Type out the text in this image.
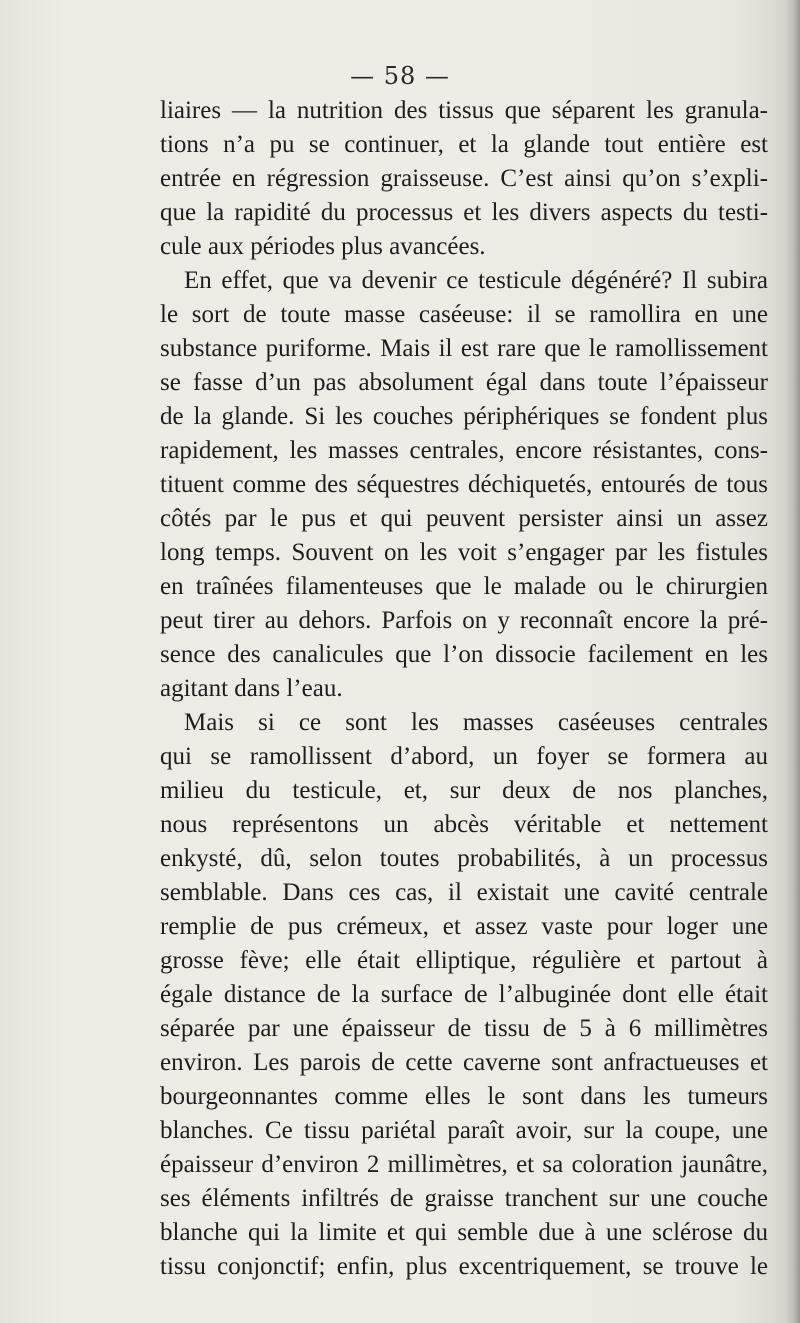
— 58 —
liaires — la nutrition des tissus que séparent les granula-
tions n’a pu se continuer, et la glande tout entière est
entrée en régression graisseuse. C’est ainsi qu’on s’expli-
que la rapidité du processus et les divers aspects du testi-
cule aux périodes plus avancées.
En effet, que va devenir ce testicule dégénéré? Il subira
le sort de toute masse caséeuse: il se ramollira en une
substance puriforme. Mais il est rare que le ramollissement
se fasse d’un pas absolument égal dans toute l’épaisseur
de la glande. Si les couches périphériques se fondent plus
rapidement, les masses centrales, encore résistantes, cons-
tituent comme des séquestres déchiquetés, entourés de tous
côtés par le pus et qui peuvent persister ainsi un assez
long temps. Souvent on les voit s’engager par les fistules
en traînées filamenteuses que le malade ou le chirurgien
peut tirer au dehors. Parfois on y reconnaît encore la pré-
sence des canalicules que l’on dissocie facilement en les
agitant dans l’eau.
Mais si ce sont les masses caséeuses centrales
qui se ramollissent d’abord, un foyer se formera au
milieu du testicule, et, sur deux de nos planches,
nous représentons un abcès véritable et nettement
enkysté, dû, selon toutes probabilités, à un processus
semblable. Dans ces cas, il existait une cavité centrale
remplie de pus crémeux, et assez vaste pour loger une
grosse fève; elle était elliptique, régulière et partout à
égale distance de la surface de l’albuginée dont elle était
séparée par une épaisseur de tissu de 5 à 6 millimètres
environ. Les parois de cette caverne sont anfractueuses et
bourgeonnantes comme elles le sont dans les tumeurs
blanches. Ce tissu pariétal paraît avoir, sur la coupe, une
épaisseur d’environ 2 millimètres, et sa coloration jaunâtre,
ses éléments infiltrés de graisse tranchent sur une couche
blanche qui la limite et qui semble due à une sclérose du
tissu conjonctif; enfin, plus excentriquement, se trouve le
